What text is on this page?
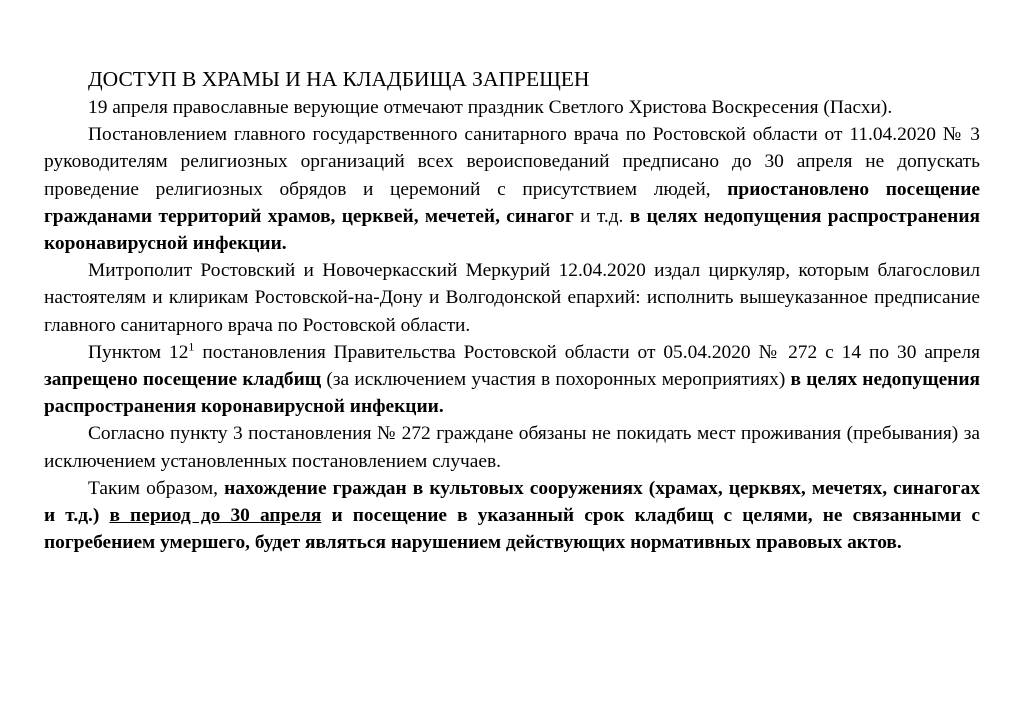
ДОСТУП В ХРАМЫ И НА КЛАДБИЩА ЗАПРЕЩЕН

19 апреля православные верующие отмечают праздник Светлого Христова Воскресения (Пасхи).

Постановлением главного государственного санитарного врача по Ростовской области от 11.04.2020 № 3 руководителям религиозных организаций всех вероисповеданий предписано до 30 апреля не допускать проведение религиозных обрядов и церемоний с присутствием людей, приостановлено посещение гражданами территорий храмов, церквей, мечетей, синагог и т.д. в целях недопущения распространения коронавирусной инфекции.

Митрополит Ростовский и Новочеркасский Меркурий 12.04.2020 издал циркуляр, которым благословил настоятелям и клирикам Ростовской-на-Дону и Волгодонской епархий: исполнить вышеуказанное предписание главного санитарного врача по Ростовской области.

Пунктом $12^1$ постановления Правительства Ростовской области от 05.04.2020 № 272 с 14 по 30 апреля запрещено посещение кладбищ (за исключением участия в похоронных мероприятиях) в целях недопущения распространения коронавирусной инфекции.

Согласно пункту 3 постановления № 272 граждане обязаны не покидать мест проживания (пребывания) за исключением установленных постановлением случаев.

Таким образом, нахождение граждан в культовых сооружениях (храмах, церквях, мечетях, синагогах и т.д.) в период до 30 апреля и посещение в указанный срок кладбищ с целями, не связанными с погребением умершего, будет являться нарушением действующих нормативных правовых актов.
